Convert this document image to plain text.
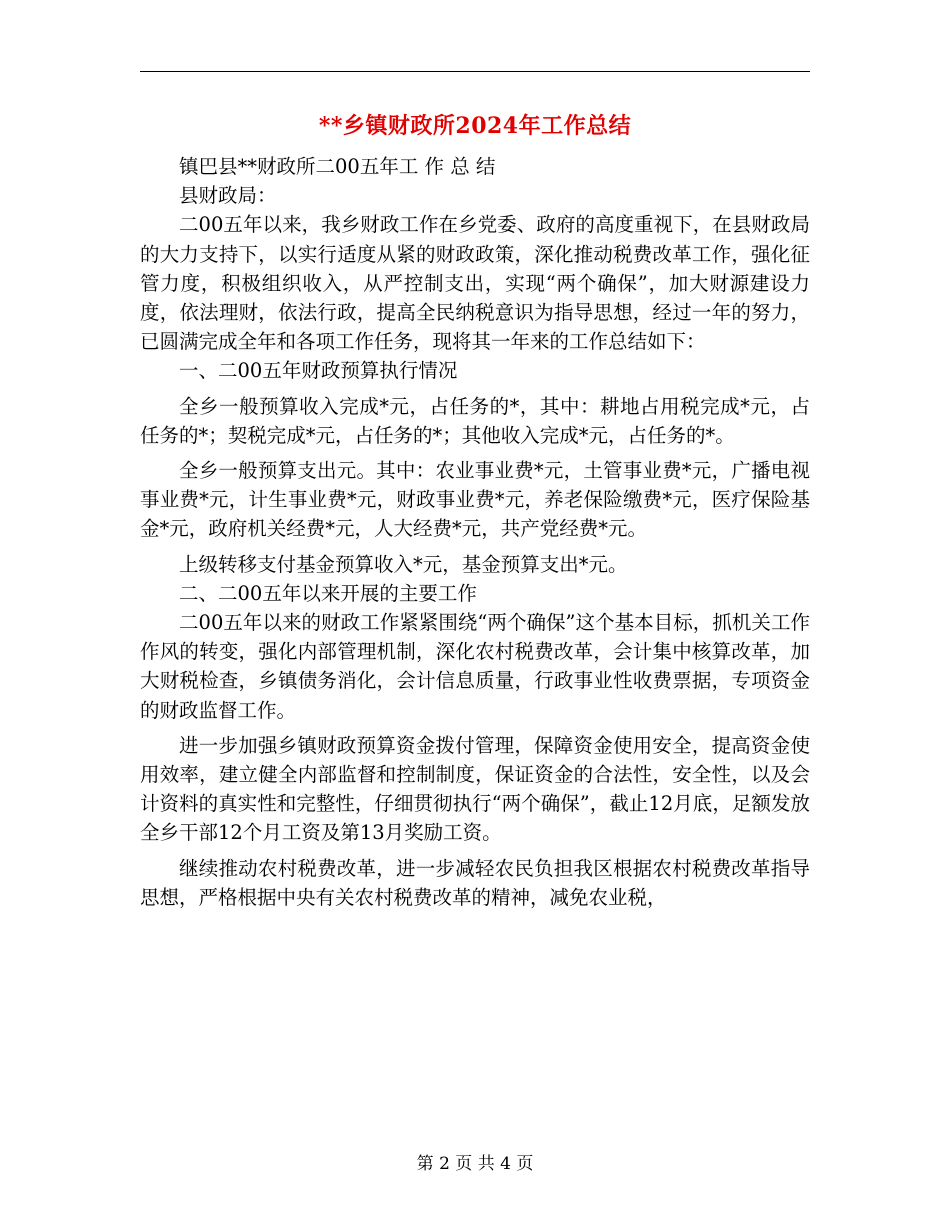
**乡镇财政所2024年工作总结

镇巴县**财政所二00五年工 作 总 结

县财政局：

二00五年以来，我乡财政工作在乡党委、政府的高度重视下，在县财政局的大力支持下，以实行适度从紧的财政政策，深化推动税费改革工作，强化征管力度，积极组织收入，从严控制支出，实现“两个确保”，加大财源建设力度，依法理财，依法行政，提高全民纳税意识为指导思想，经过一年的努力，已圆满完成全年和各项工作任务，现将其一年来的工作总结如下：

一、二00五年财政预算执行情况

全乡一般预算收入完成*元，占任务的*，其中：耕地占用税完成*元，占任务的*；契税完成*元，占任务的*；其他收入完成*元，占任务的*。

全乡一般预算支出元。其中：农业事业费*元，土管事业费*元，广播电视事业费*元，计生事业费*元，财政事业费*元，养老保险缴费*元，医疗保险基金*元，政府机关经费*元，人大经费*元，共产党经费*元。

上级转移支付基金预算收入*元，基金预算支出*元。

二、二00五年以来开展的主要工作

二00五年以来的财政工作紧紧围绕“两个确保”这个基本目标，抓机关工作作风的转变，强化内部管理机制，深化农村税费改革，会计集中核算改革，加大财税检查，乡镇债务消化，会计信息质量，行政事业性收费票据，专项资金的财政监督工作。

进一步加强乡镇财政预算资金拨付管理，保障资金使用安全，提高资金使用效率，建立健全内部监督和控制制度，保证资金的合法性，安全性，以及会计资料的真实性和完整性，仔细贯彻执行“两个确保”，截止12月底，足额发放全乡干部12个月工资及第13月奖励工资。

继续推动农村税费改革，进一步减轻农民负担我区根据农村税费改革指导思想，严格根据中央有关农村税费改革的精神，减免农业税，

第 2 页 共 4 页
